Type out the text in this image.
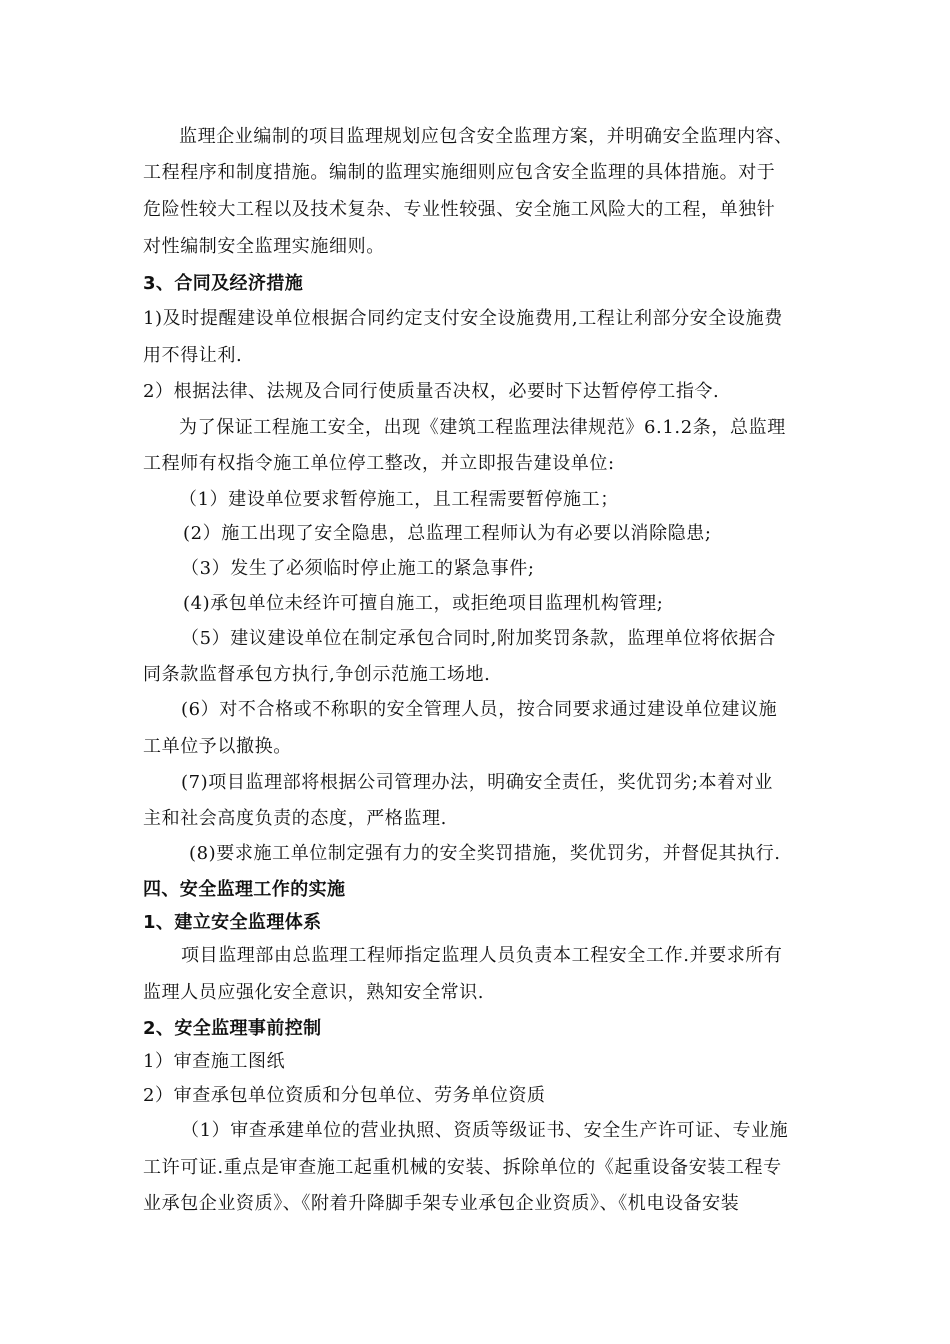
监理企业编制的项目监理规划应包含安全监理方案，并明确安全监理内容、
工程程序和制度措施。编制的监理实施细则应包含安全监理的具体措施。对于
危险性较大工程以及技术复杂、专业性较强、安全施工风险大的工程，单独针
对性编制安全监理实施细则。
3、合同及经济措施
1)及时提醒建设单位根据合同约定支付安全设施费用,工程让利部分安全设施费
用不得让利.
2）根据法律、法规及合同行使质量否决权，必要时下达暂停停工指令.
为了保证工程施工安全，出现《建筑工程监理法律规范》6.1.2条，总监理
工程师有权指令施工单位停工整改，并立即报告建设单位:
（1）建设单位要求暂停施工，且工程需要暂停施工；
(2）施工出现了安全隐患，总监理工程师认为有必要以消除隐患;
（3）发生了必须临时停止施工的紧急事件;
(4)承包单位未经许可擅自施工，或拒绝项目监理机构管理;
（5）建议建设单位在制定承包合同时,附加奖罚条款，监理单位将依据合
同条款监督承包方执行,争创示范施工场地.
(6）对不合格或不称职的安全管理人员，按合同要求通过建设单位建议施
工单位予以撤换。
(7)项目监理部将根据公司管理办法，明确安全责任，奖优罚劣;本着对业
主和社会高度负责的态度，严格监理.
(8)要求施工单位制定强有力的安全奖罚措施，奖优罚劣，并督促其执行.
四、安全监理工作的实施
1、建立安全监理体系
项目监理部由总监理工程师指定监理人员负责本工程安全工作.并要求所有
监理人员应强化安全意识，熟知安全常识.
2、安全监理事前控制
1）审查施工图纸
2）审查承包单位资质和分包单位、劳务单位资质
（1）审查承建单位的营业执照、资质等级证书、安全生产许可证、专业施
工许可证.重点是审查施工起重机械的安装、拆除单位的《起重设备安装工程专
业承包企业资质》、《附着升降脚手架专业承包企业资质》、《机电设备安装
